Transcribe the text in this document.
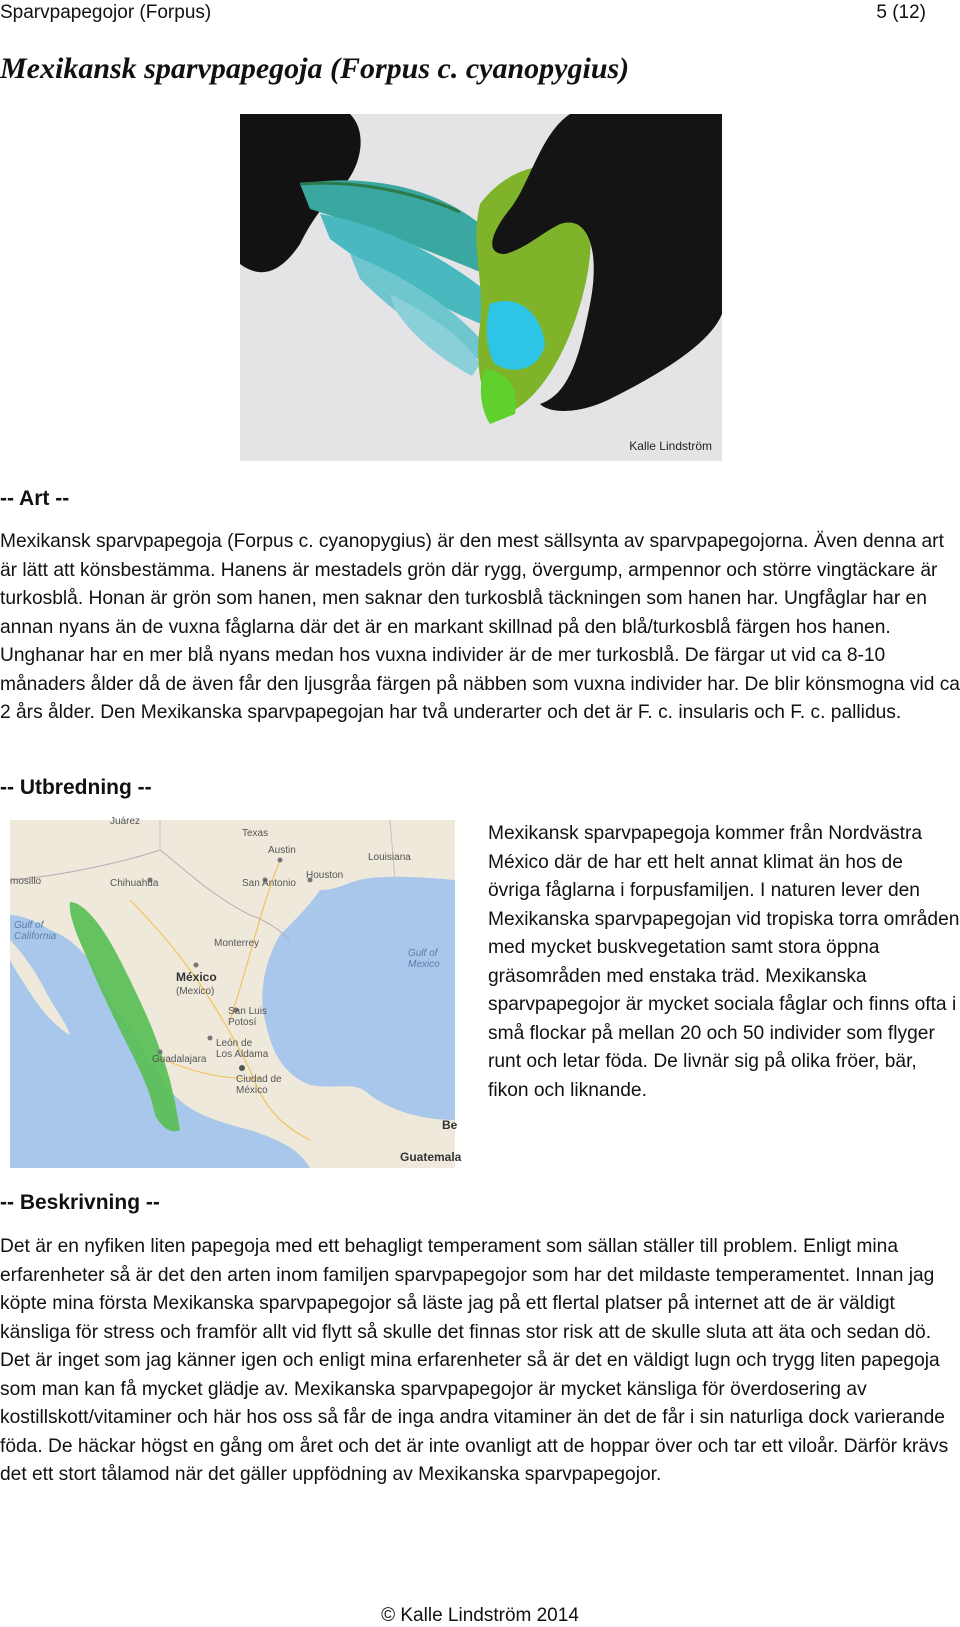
Sparvpapegojor (Forpus)	5 (12)
Mexikansk sparvpapegoja (Forpus c. cyanopygius)
Kalle Lindström
-- Art --

Mexikansk sparvpapegoja (Forpus c. cyanopygius) är den mest sällsynta av sparvpapegojorna. Även denna art är lätt att könsbestämma. Hanens är mestadels grön där rygg, övergump, armpennor och större vingtäckare är turkosblå. Honan är grön som hanen, men saknar den turkosblå täckningen som hanen har. Ungfåglar har en annan nyans än de vuxna fåglarna där det är en markant skillnad på den blå/turkosblå färgen hos hanen. Unghanar har en mer blå nyans medan hos vuxna individer är de mer turkosblå. De färgar ut vid ca 8-10 månaders ålder då de även får den ljusgråa färgen på näbben som vuxna individer har. De blir könsmogna vid ca 2 års ålder. Den Mexikanska sparvpapegojan har två underarter och det är F. c. insularis och F. c. pallidus.

-- Utbredning --
Juárez
Texas
Austin
Louisiana
mosillo	Chihuahua	San Antonio
Houston
Gulf of
California
Monterrey
Gulf of
Mexico
México
(Mexico)
San Luis
Potosí
Guadalajara
León de
Los Aldama
Ciudad de
México
Be
Guatemala

Mexikansk sparvpapegoja kommer från Nordvästra México där de har ett helt annat klimat än hos de övriga fåglarna i forpusfamiljen. I naturen lever den Mexikanska sparvpapegojan vid tropiska torra områden med mycket buskvegetation samt stora öppna gräsområden med enstaka träd. Mexikanska sparvpapegojor är mycket sociala fåglar och finns ofta i små flockar på mellan 20 och 50 individer som flyger runt och letar föda. De livnär sig på olika fröer, bär, fikon och liknande.

-- Beskrivning --

Det är en nyfiken liten papegoja med ett behagligt temperament som sällan ställer till problem. Enligt mina erfarenheter så är det den arten inom familjen sparvpapegojor som har det mildaste temperamentet. Innan jag köpte mina första Mexikanska sparvpapegojor så läste jag på ett flertal platser på internet att de är väldigt känsliga för stress och framför allt vid flytt så skulle det finnas stor risk att de skulle sluta att äta och sedan dö. Det är inget som jag känner igen och enligt mina erfarenheter så är det en väldigt lugn och trygg liten papegoja som man kan få mycket glädje av. Mexikanska sparvpapegojor är mycket känsliga för överdosering av kostillskott/vitaminer och här hos oss så får de inga andra vitaminer än det de får i sin naturliga dock varierande föda. De häckar högst en gång om året och det är inte ovanligt att de hoppar över och tar ett viloår. Därför krävs det ett stort tålamod när det gäller uppfödning av Mexikanska sparvpapegojor.

© Kalle Lindström 2014
